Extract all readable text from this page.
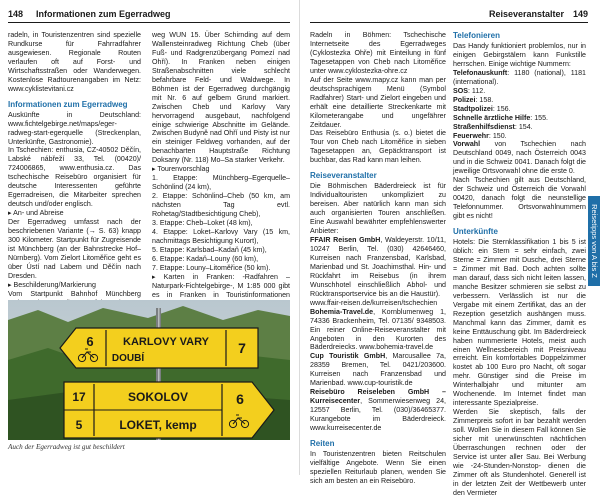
148 Informationen zum Egerradweg

radeln, in Touristenzentren sind spezielle Rundkurse für Fahrradfahrer ausgewiesen. Regionale Routen verlaufen oft auf Forst- und Wirtschaftsstraßen oder Wanderwegen. Kostenlose Radtourenangaben im Netz: www.cyklistevitani.cz

Informationen zum Egerradweg

Auskünfte in Deutschland: www.fichtelgebirge.net/maps/eger-radweg-start-egerquelle (Streckenplan, Unterkünfte, Gastronomie).

In Tschechien: enthusia, CZ-40502 Děčín, Labské nábřeží 33, Tel. (00420)/ 724006865, www.enthusia.cz. Das tschechische Reisebüro organisiert für deutsche Interessenten geführte Egerradreisen, die Mitarbeiter sprechen deutsch und/oder englisch.

▸ An- und Abreise

Der Egerradweg umfasst nach der beschriebenen Variante (→ S. 63) knapp 300 Kilometer. Startpunkt für Zugreisende ist Münchberg (an der Bahnstrecke Hof–Nürnberg). Vom Zielort Litoměřice geht es über Ústí nad Labem und Děčín nach Dresden.

▸ Beschilderung/Markierung

Vom Startpunkt Bahnhof Münchberg

weg WUN 15. Über Schirnding auf dem Wallensteinradweg Richtung Cheb (über Fuß- und Radgrenzübergang Pomezí nad Ohří). In Franken neben einigen Straßenabschnitten viele schlecht befahrbare Feld- und Waldwege. In Böhmen ist der Egerradweg durchgängig mit Nr. 6 auf gelbem Grund markiert. Zwischen Cheb und Karlovy Vary hervorragend ausgebaut, nachfolgend einige schwierige Abschnitte im Gelände. Zwischen Budyně nad Ohří und Pisty ist nur ein steiniger Feldweg vorhanden, auf der benachbarten Hauptstraße Richtung Doksany (Nr. 118) Mo–Sa starker Verkehr.

▸ Tourenvorschlag

1. Etappe: Münchberg–Egerquelle–Schönlind (24 km),

2. Etappe: Schönlind–Cheb (50 km, am nächsten Tag evtl. Rohetag/Stadtbesichtigung Cheb),

3. Etappe: Cheb–Loket (48 km),

4. Etappe: Loket–Karlovy Vary (15 km, nachmittags Besichtigung Kurort),

5. Etappe: Karlsbad–Kadaň (45 km),

6. Etappe: Kadaň–Louny (60 km),

7. Etappe: Louny–Litoměřice (50 km).

▸ Karten in Franken: -Radfahren – Naturpark-Fichtelgebirge-, M 1:85 000 gibt es in Franken in Touristinformationen

6	KARLOVY VARY
DOUBÍ
7
17	SOKOLOV
5	LOKET, kemp
6
Auch der Egerradweg ist gut beschildert
Reiseveranstalter 149

Radeln in Böhmen: Tschechische Internetseite des Egerradweges (Cyklostezka Ohře) mit Einteilung in fünf Tagesetappen von Cheb nach Litoměřice unter www.cyklostezka-ohre.cz

Auf der Seite www.mapy.cz kann man per deutschsprachigem Menü (Symbol Radfahrer) Start- und Zielort eingeben und erhält eine detaillierte Streckenkarte mit Kilometerangabe und ungefährer Zeitdauer.

Das Reisebüro Enthusia (s. o.) bietet die Tour von Cheb nach Litoměřice in sieben Tagesetappen an, Gepäcktransport ist buchbar, das Rad kann man leihen.

Reiseveranstalter

Die Böhmischen Bäderdreieck ist für Individualtouristen unkompliziert zu bereisen. Aber natürlich kann man sich auch organisierten Touren anschließen. Eine Auswahl bewährter empfehlenswerter Anbieter:

FFAIR Reisen GmbH, Waldeyerstr. 10/11, 10247 Berlin, Tel. (030) 42646460, Kurreisen nach Franzensbad, Karlsbad, Marienbad und St. Joachimsthal. Hin- und Rückfahrt im Reisebus (in ihrem Wunschhotel einschließlich Abhol- und Rücktransportservice bis an die Haustür).

www.ffair-reisen.de/kurreisen/tschechien

Bohemia-Travel.de, Kornblumenweg 1, 74336 Brackenheim, Tel. 07135/ 9348503. Ein reiner Online-Reiseveranstalter mit Angeboten in den Kurorten des Bäderdreiecks. www.bohemia-travel.de

Cup Touristik GmbH, Marcusallee 7a, 28359 Bremen, Tel. 0421/203600. Kurreisen nach Franzensbad und Marienbad. www.cup-touristik.de

Reisebüro Reiseleben GmbH – Kurreisecenter, Sommerwiesenweg 24, 12557 Berlin, Tel. (030)/36465377. Kurangebote im Bäderdreieck. www.kurreisecenter.de

Reiten

In Touristenzentren bieten Reitschulen vielfältige Angebote. Wenn Sie einen speziellen Reiturlaub planen, wenden Sie sich am besten an ein Reisebüro.

Telefonieren

Das Handy funktioniert problemlos, nur in einigen Gebirgstälern kann Funkstille herrschen. Einige wichtige Nummern:

Telefonauskunft: 1180 (national), 1181 (international).
SOS: 112.
Polizei: 158.
Stadtpolizei: 156.
Schnelle ärztliche Hilfe: 155.
Straßenhilfsdienst: 154.
Feuerwehr: 150.

Vorwahl von Tschechien nach Deutschland 0049, nach Österreich 0043 und in die Schweiz 0041. Danach folgt die jeweilige Ortsvorwahl ohne die erste 0.

Nach Tschechien gilt aus Deutschland, der Schweiz und Österreich die Vorwahl 00420, danach folgt die neunstellige Telefonnummer. Ortsvorwahlnummern gibt es nicht!

Unterkünfte

Hotels: Die Sternklassifikation 1 bis 5 ist üblich: ein Stern = sehr einfach, zwei Sterne = Zimmer mit Dusche, drei Sterne = Zimmer mit Bad. Doch achten sollte man darauf, dass sich nicht leiten lassen, manche Besitzer schmieren sie selbst zu verbessern. Verlässlich ist nur die Vergabe mit einem Zertifikat, das an der Rezeption gesetzlich aushängen muss. Manchmal kann das Zimmer, damit es keine Enttäuschung gibt. Im Bäderdreieck haben nummerierte Hotels, meist auch einen Wellnessbereich mit Preisniveau erreicht. Ein komfortables Doppelzimmer kostet ab 100 Euro pro Nacht, oft sogar mehr. Günstiger sind die Preise im Winterhalbjahr und mitunter am Wochenende. Im Internet findet man interessante Spezialpreise.

Werden Sie skeptisch, falls der Zimmerpreis sofort in bar bezahlt werden soll. Wollen Sie in diesem Fall können Sie sicher mit unerwünschten nächtlichen Überraschungen rechnen oder der Service ist unter aller Sau. Bei Werbung wie -24-Stunden-Nonstop- dienen die Zimmer oft als Stundenhotel. Generell ist in der letzten Zeit der Wettbewerb unter den Vermieter

Reisetipps von A bis Z
